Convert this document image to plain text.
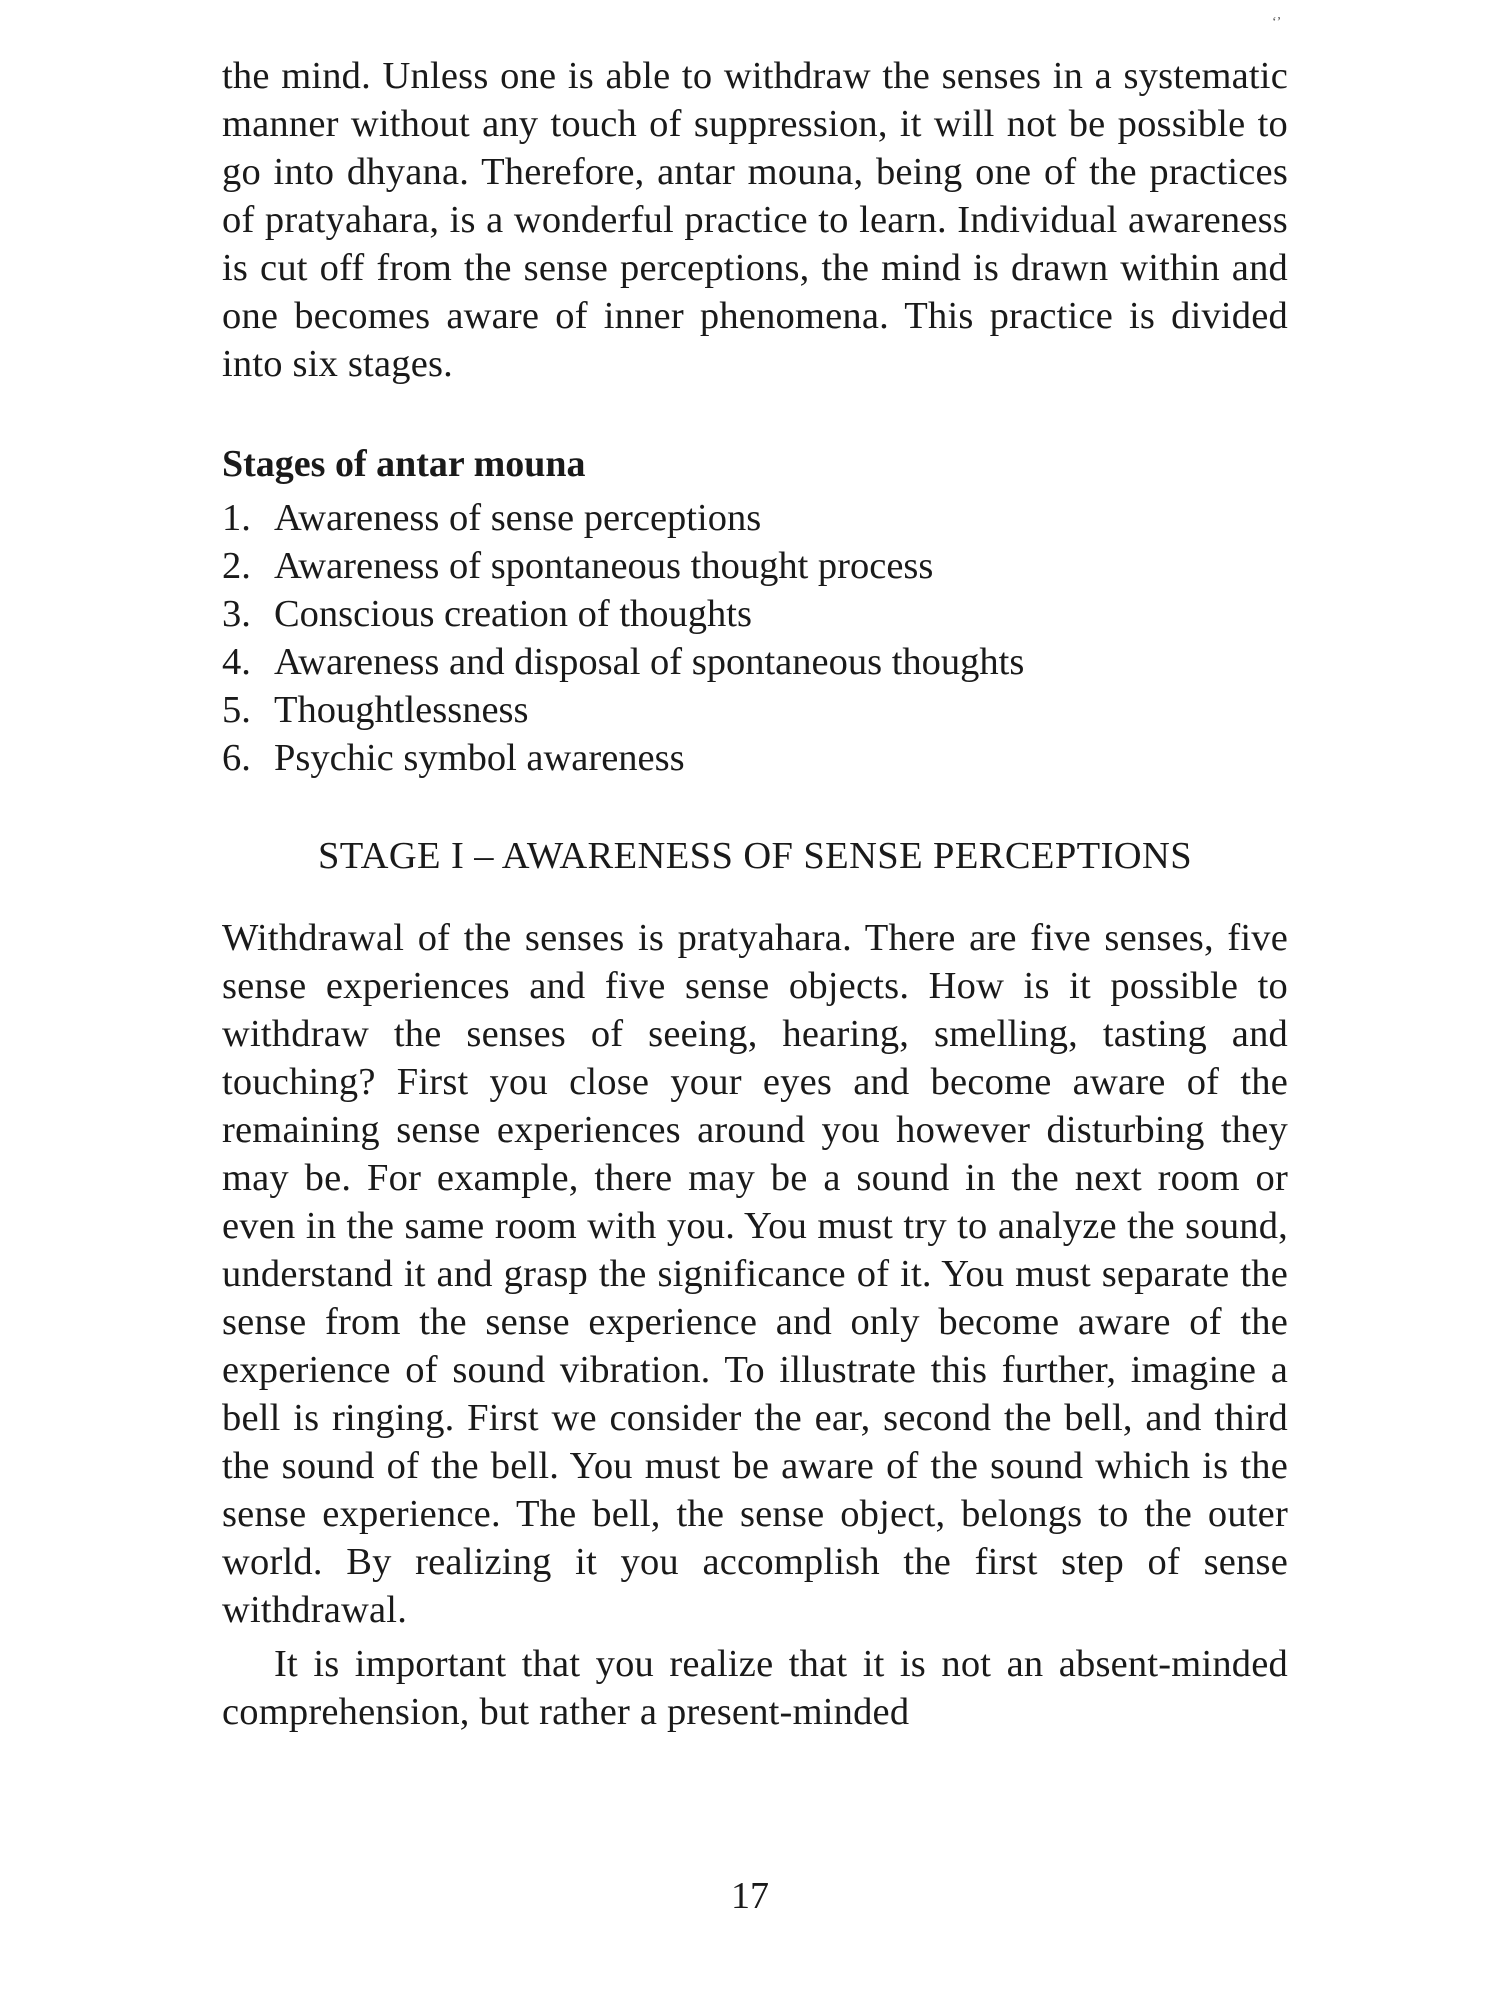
‘’

the mind. Unless one is able to withdraw the senses in a systematic manner without any touch of suppression, it will not be possible to go into dhyana. Therefore, antar mouna, being one of the practices of pratyahara, is a wonderful practice to learn. Individual awareness is cut off from the sense perceptions, the mind is drawn within and one becomes aware of inner phenomena. This practice is divided into six stages.

Stages of antar mouna
1. Awareness of sense perceptions
2. Awareness of spontaneous thought process
3. Conscious creation of thoughts
4. Awareness and disposal of spontaneous thoughts
5. Thoughtlessness
6. Psychic symbol awareness
STAGE I – AWARENESS OF SENSE PERCEPTIONS

Withdrawal of the senses is pratyahara. There are five senses, five sense experiences and five sense objects. How is it possible to withdraw the senses of seeing, hearing, smelling, tasting and touching? First you close your eyes and become aware of the remaining sense experiences around you however disturbing they may be. For example, there may be a sound in the next room or even in the same room with you. You must try to analyze the sound, understand it and grasp the significance of it. You must separate the sense from the sense experience and only become aware of the experience of sound vibration. To illustrate this further, imagine a bell is ringing. First we consider the ear, second the bell, and third the sound of the bell. You must be aware of the sound which is the sense experience. The bell, the sense object, belongs to the outer world. By realizing it you accomplish the first step of sense withdrawal.

It is important that you realize that it is not an absent-minded comprehension, but rather a present-minded

17
